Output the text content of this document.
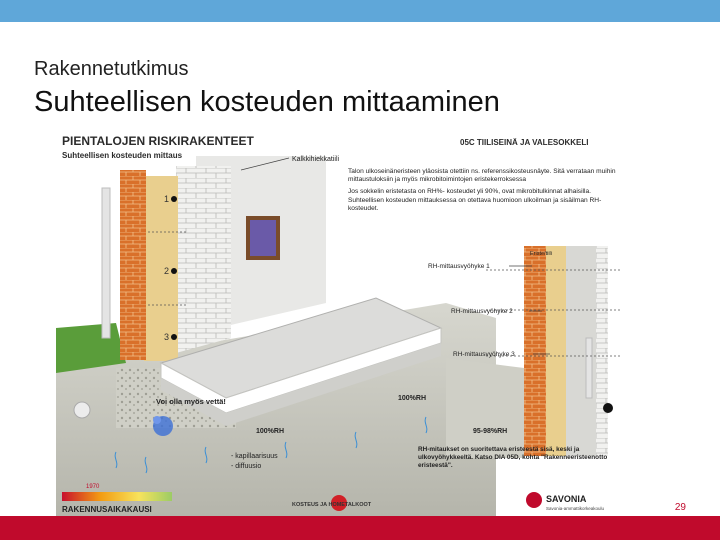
Rakennetutkimus
Suhteellisen kosteuden mittaaminen
PIENTALOJEN RISKIRAKENTEET
Suhteellisen kosteuden mittaus
05C TIILISEINÄ JA VALESOKKELI
1
2
3
Voi olla myös vettä!	100%RH
100%RH
- kapillaarisuus
- diffuusio
Kalkkihiekkatiili
Talon ulkoseinäneristeen yläosista otettiin ns. referenssikosteusnäyte. Sitä verrataan muihin mittaustuloksiin ja myös mikrobitoimintojen eristekerroksessa
Jos sokkelin eristetasta on RH%- kosteudet yli 90%, ovat mikrobitulkinnat alhaisilla. Suhteellisen kosteuden mittauksessa on otettava huomioon ulkoilman ja sisäilman RH-kosteudet.
Eriste/tiili
RH-mittausvyöhyke 1
RH-mittausvyöhyke 2
RH-mittausvyöhyke 3
95-98%RH
RH-mitaukset on suoritettava eristeestä sisä, keski ja ulkovyöhykkeeltä. Katso DIA 05D, kohta "Rakenneeristeenotto eristeestä".
1970
RAKENNUSAIKAKAUSI	KOSTEUS JA HOMETALKOOT
SAVONIA
Savonia-ammattikorkeakoulu	29
